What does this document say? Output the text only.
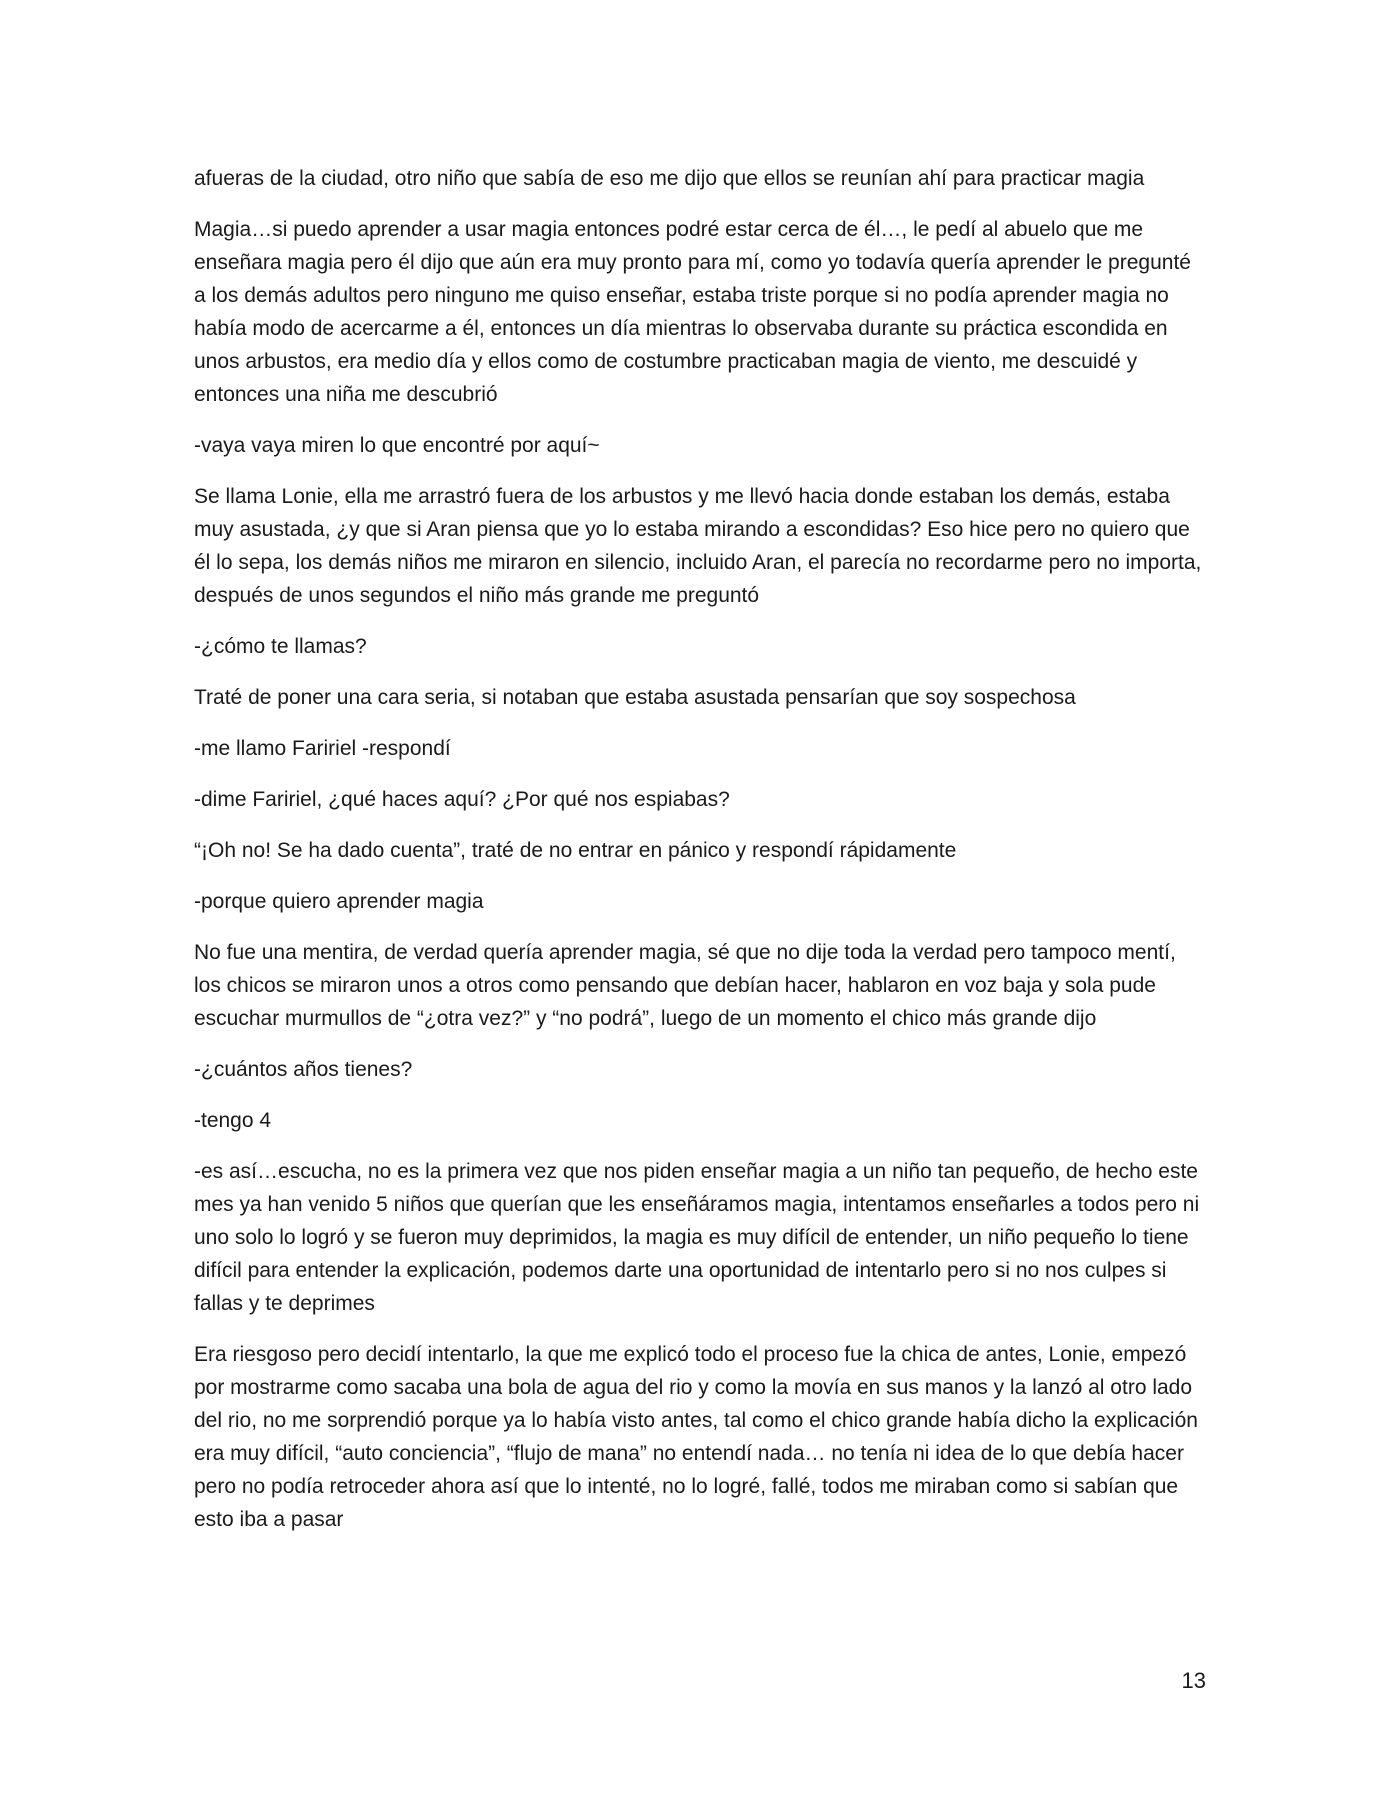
afueras de la ciudad, otro niño que sabía de eso me dijo que ellos se reunían ahí para practicar magia

Magia…si puedo aprender a usar magia entonces podré estar cerca de él…, le pedí al abuelo que me enseñara magia pero él dijo que aún era muy pronto para mí, como yo todavía quería aprender le pregunté a los demás adultos pero ninguno me quiso enseñar, estaba triste porque si no podía aprender magia no había modo de acercarme a él, entonces un día mientras lo observaba durante su práctica escondida en unos arbustos, era medio día y ellos como de costumbre practicaban magia de viento, me descuidé y entonces una niña me descubrió

-vaya vaya miren lo que encontré por aquí~

Se llama Lonie, ella me arrastró fuera de los arbustos y me llevó hacia donde estaban los demás, estaba muy asustada, ¿y que si Aran piensa que yo lo estaba mirando a escondidas? Eso hice pero no quiero que él lo sepa, los demás niños me miraron en silencio, incluido Aran, el parecía no recordarme pero no importa, después de unos segundos el niño más grande me preguntó

-¿cómo te llamas?

Traté de poner una cara seria, si notaban que estaba asustada pensarían que soy sospechosa

-me llamo Faririel -respondí

-dime Faririel, ¿qué haces aquí? ¿Por qué nos espiabas?

“¡Oh no! Se ha dado cuenta”, traté de no entrar en pánico y respondí rápidamente

-porque quiero aprender magia

No fue una mentira, de verdad quería aprender magia, sé que no dije toda la verdad pero tampoco mentí, los chicos se miraron unos a otros como pensando que debían hacer, hablaron en voz baja y sola pude escuchar murmullos de “¿otra vez?” y “no podrá”, luego de un momento el chico más grande dijo

-¿cuántos años tienes?

-tengo 4

-es así…escucha, no es la primera vez que nos piden enseñar magia a un niño tan pequeño, de hecho este mes ya han venido 5 niños que querían que les enseñáramos magia, intentamos enseñarles a todos pero ni uno solo lo logró y se fueron muy deprimidos, la magia es muy difícil de entender, un niño pequeño lo tiene difícil para entender la explicación, podemos darte una oportunidad de intentarlo pero si no nos culpes si fallas y te deprimes

Era riesgoso pero decidí intentarlo, la que me explicó todo el proceso fue la chica de antes, Lonie, empezó por mostrarme como sacaba una bola de agua del rio y como la movía en sus manos y la lanzó al otro lado del rio, no me sorprendió porque ya lo había visto antes, tal como el chico grande había dicho la explicación era muy difícil, “auto conciencia”, “flujo de mana” no entendí nada… no tenía ni idea de lo que debía hacer pero no podía retroceder ahora así que lo intenté, no lo logré, fallé, todos me miraban como si sabían que esto iba a pasar

13
